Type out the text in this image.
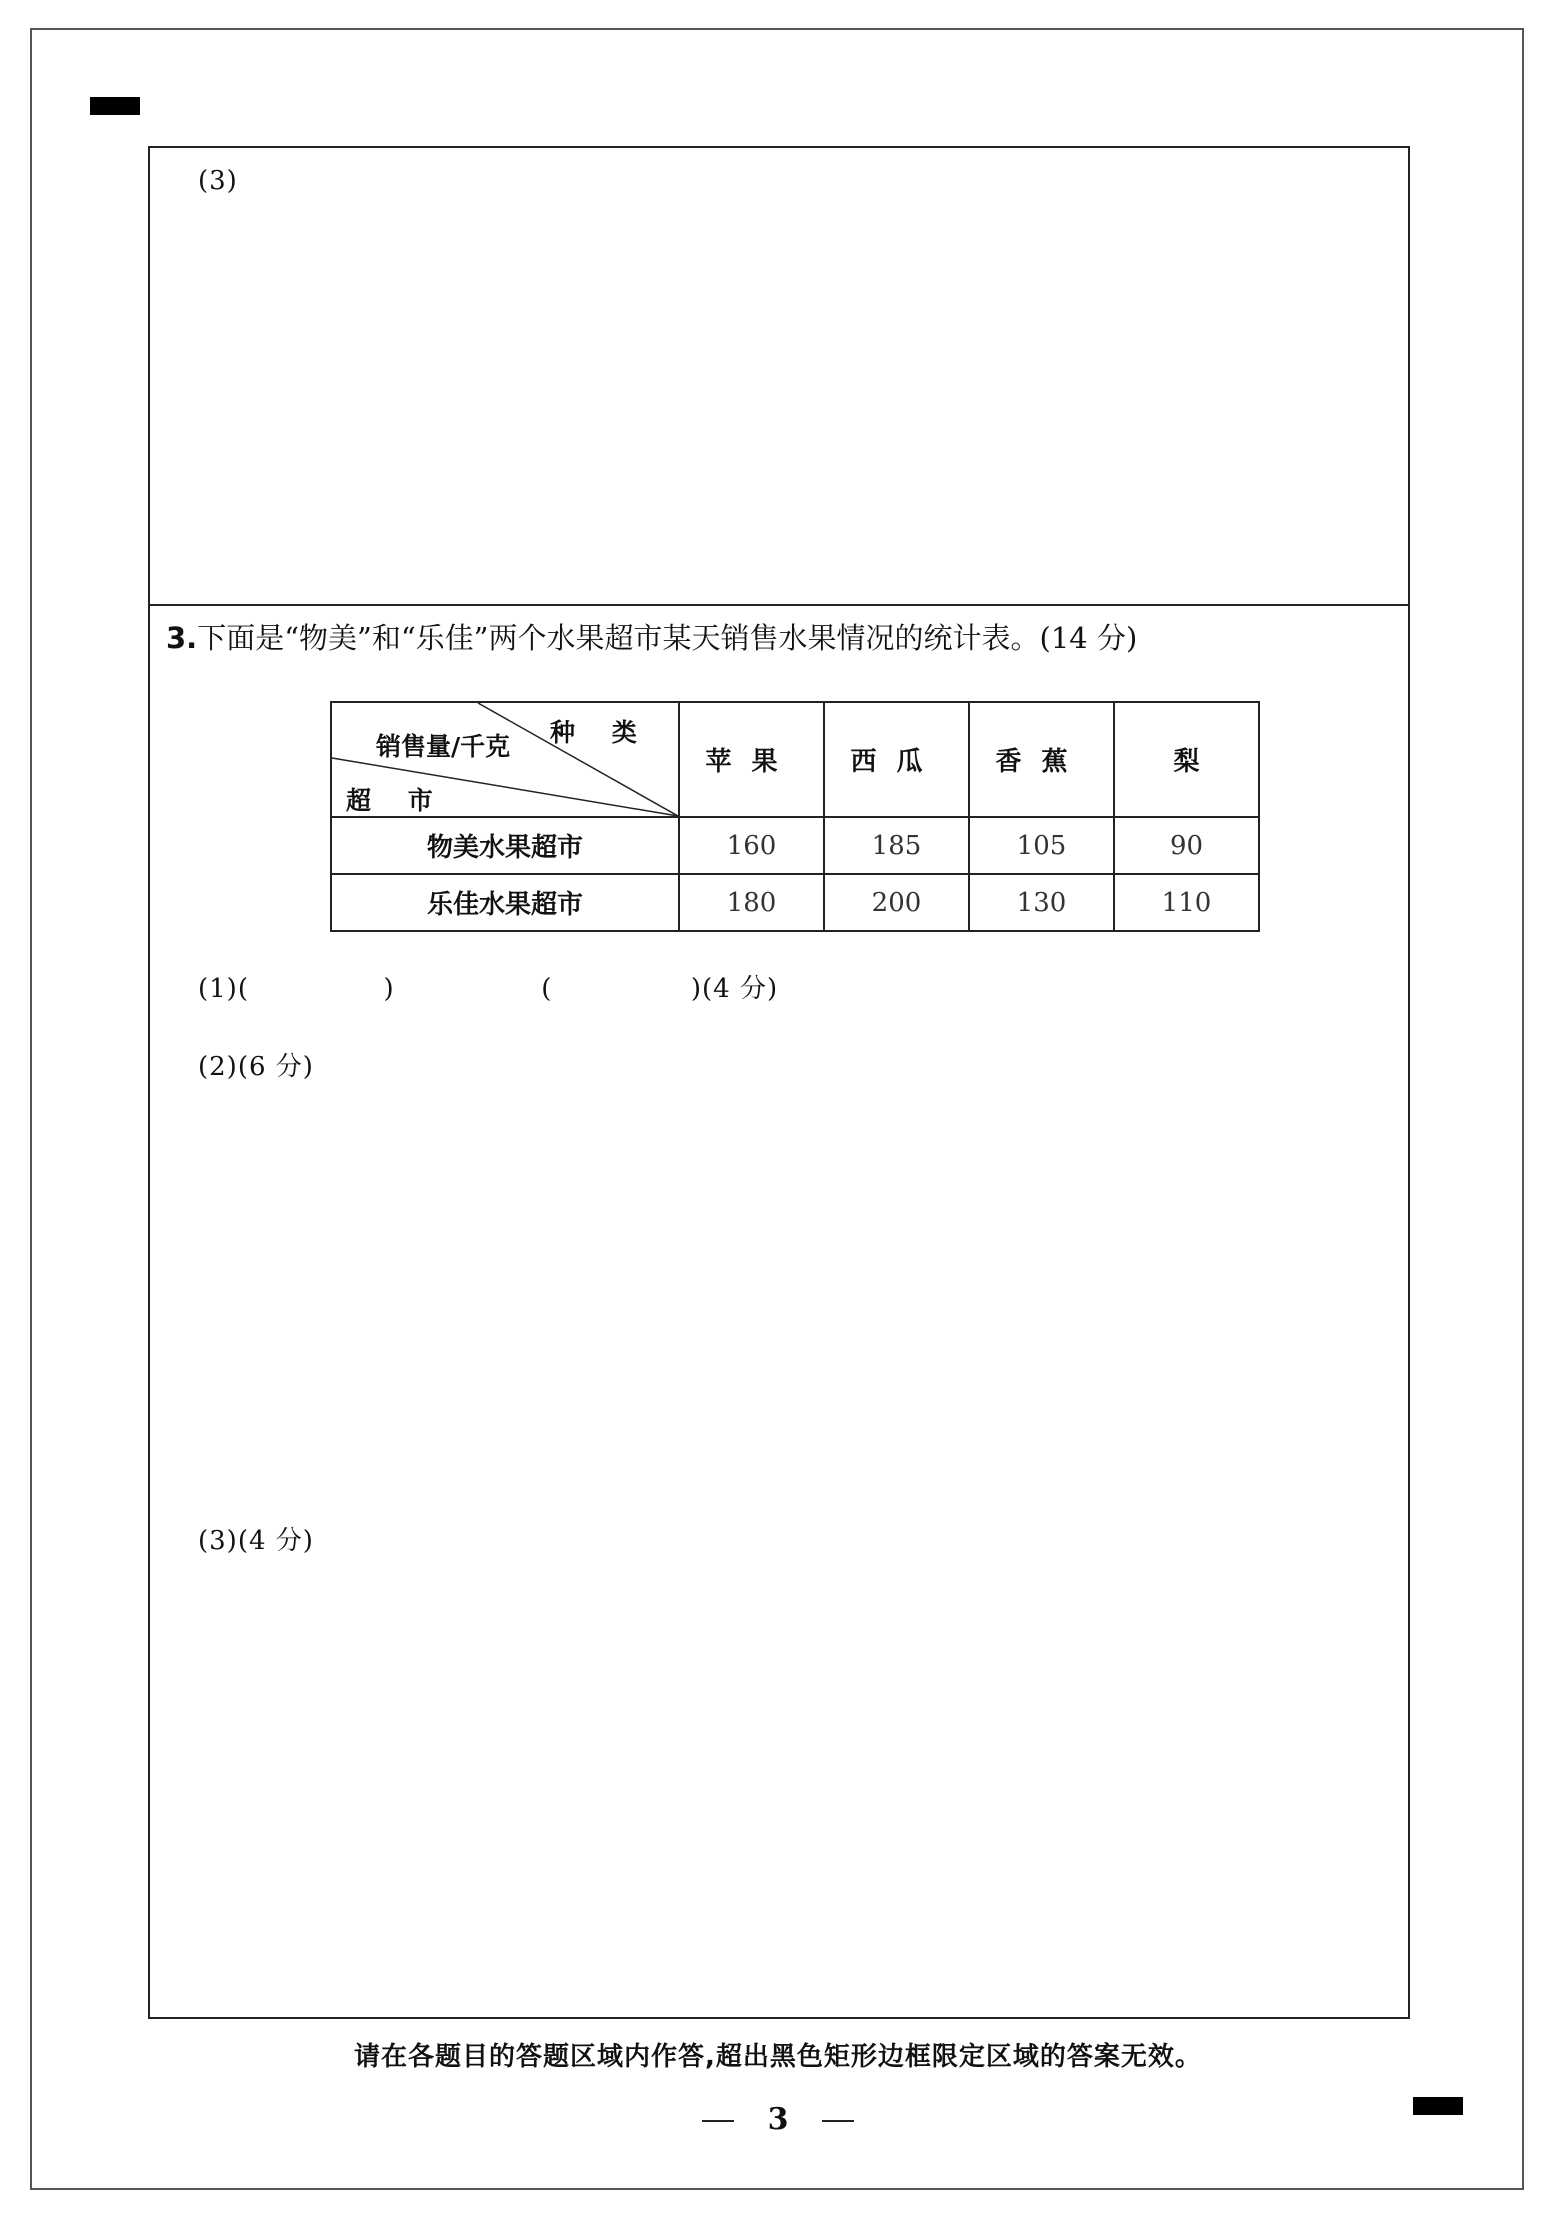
(3)
3.下面是“物美”和“乐佳”两个水果超市某天销售水果情况的统计表。(14 分)
种 类
销售量/千克
超 市	苹果	西瓜	香蕉	梨
物美水果超市	160	185	105	90
乐佳水果超市	180	200	130	110
(1)(	)	(	)(4 分)
(2)(6 分)
(3)(4 分)
请在各题目的答题区域内作答,超出黑色矩形边框限定区域的答案无效。
3
